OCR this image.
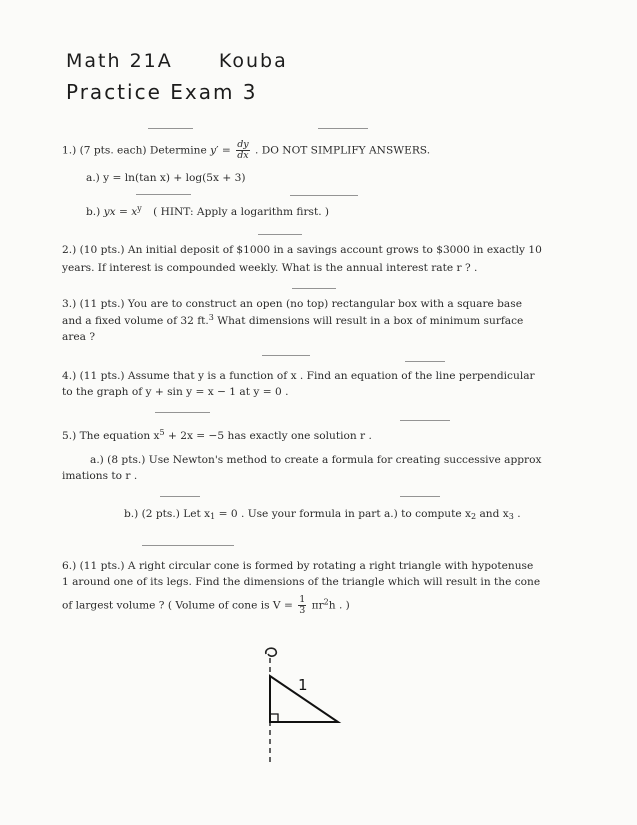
Math 21A Kouba
Practice Exam 3
1.) (7 pts. each) Determine $y' = \frac{dy}{dx}$ . DO NOT SIMPLIFY ANSWERS.
a.) y = ln(tan x) + log(5x + 3)
b.) yx = $x^y$ ( HINT: Apply a logarithm first. )
2.) (10 pts.) An initial deposit of $1000 in a savings account grows to $3000 in exactly 10
years. If interest is compounded weekly. What is the annual interest rate r ? .
3.) (11 pts.) You are to construct an open (no top) rectangular box with a square base
and a fixed volume of 32 ft.$^3$ What dimensions will result in a box of minimum surface
area ?
4.) (11 pts.) Assume that y is a function of x . Find an equation of the line perpendicular
to the graph of y + sin y = x − 1 at y = 0 .
5.) The equation $x^5 + 2x = -5$ has exactly one solution r .
a.) (8 pts.) Use Newton's method to create a formula for creating successive approx
imations to r .
b.) (2 pts.) Let $x_1 = 0$ . Use your formula in part a.) to compute $x_2$ and $x_3$ .
6.) (11 pts.) A right circular cone is formed by rotating a right triangle with hypotenuse
1 around one of its legs. Find the dimensions of the triangle which will result in the cone
of largest volume ? ( Volume of cone is $V = \frac{1}{3} \pi r^2h$ . )
1
